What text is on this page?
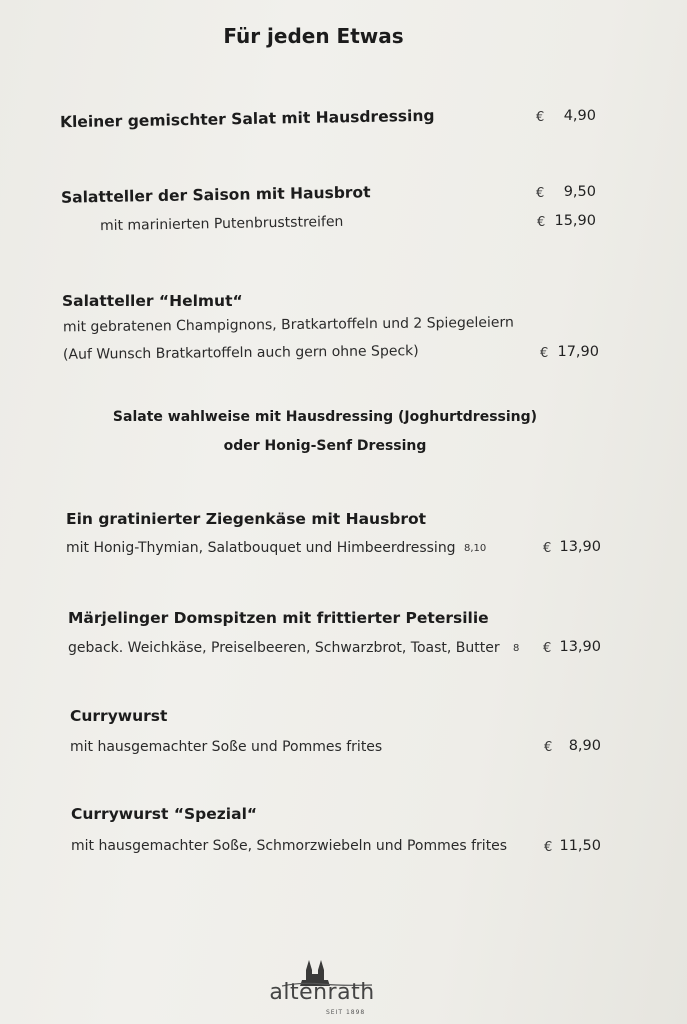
Für jeden Etwas
Kleiner gemischter Salat mit Hausdressing	€	4,90
Salatteller der Saison mit Hausbrot	€	9,50
mit marinierten Putenbruststreifen	€ 15,90
Salatteller “Helmut“
mit gebratenen Champignons, Bratkartoffeln und 2 Spiegeleiern
(Auf Wunsch Bratkartoffeln auch gern ohne Speck)	€ 17,90
Salate wahlweise mit Hausdressing (Joghurtdressing)
oder Honig-Senf Dressing
Ein gratinierter Ziegenkäse mit Hausbrot
mit Honig-Thymian, Salatbouquet und Himbeerdressing 8,10	€ 13,90
Märjelinger Domspitzen mit frittierter Petersilie
geback. Weichkäse, Preiselbeeren, Schwarzbrot, Toast, Butter 8 € 13,90
Currywurst
mit hausgemachter Soße und Pommes frites	€	8,90
Currywurst “Spezial“
mit hausgemachter Soße, Schmorzwiebeln und Pommes frites	€ 11,50
altenrath
SEIT 1898
